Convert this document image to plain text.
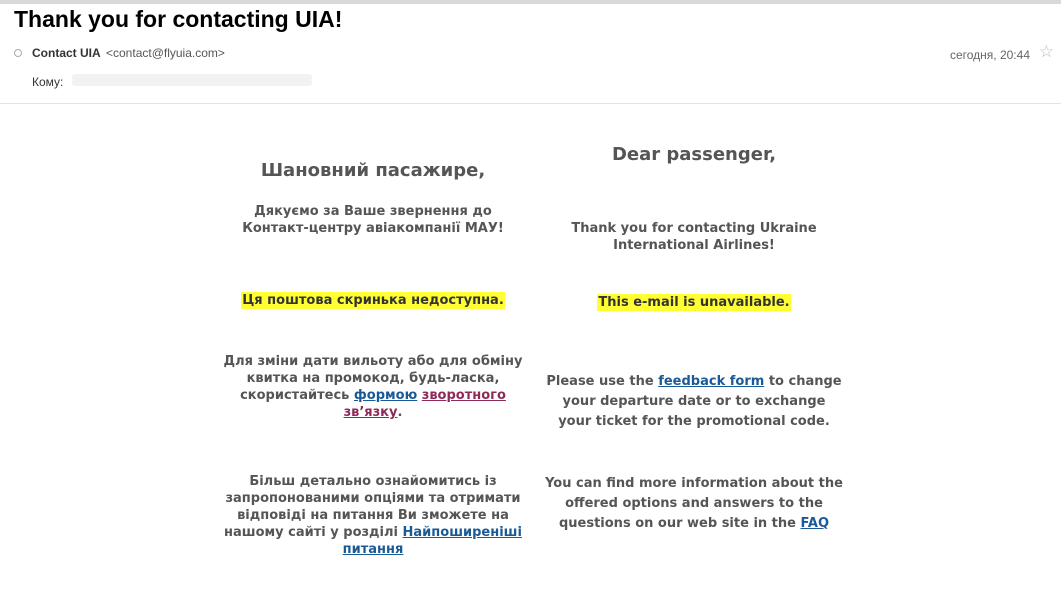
Thank you for contacting UIA!
Contact UIA <contact@flyuia.com>	сегодня, 20:44 ☆
Кому:
Шановний пасажире,
Дякуємо за Ваше звернення до Контакт-центру авіакомпанії МАУ!
Ця поштова скринька недоступна.
Для зміни дати вильоту або для обміну квитка на промокод, будь-ласка, скористайтесь формою зворотного зв’язку.
Більш детально ознайомитись із запропонованими опціями та отримати відповіді на питання Ви зможете на нашому сайті у розділі Найпоширеніші питання
Dear passenger,
Thank you for contacting Ukraine International Airlines!
This e-mail is unavailable.
Please use the feedback form to change your departure date or to exchange your ticket for the promotional code.
You can find more information about the offered options and answers to the questions on our web site in the FAQ
